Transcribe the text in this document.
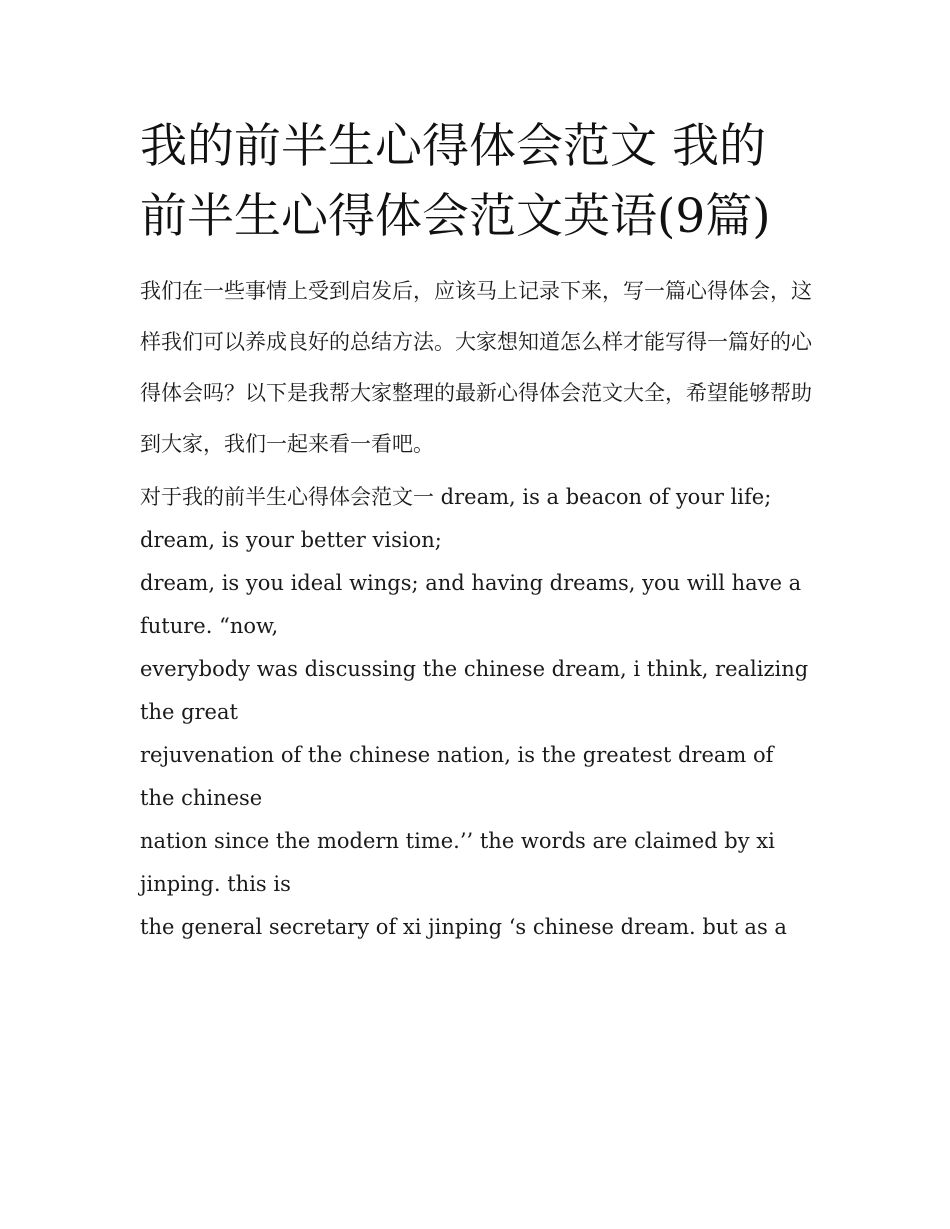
我的前半生心得体会范文 我的前半生心得体会范文英语(9篇)

我们在一些事情上受到启发后，应该马上记录下来，写一篇心得体会，这样我们可以养成良好的总结方法。大家想知道怎么样才能写得一篇好的心得体会吗？以下是我帮大家整理的最新心得体会范文大全，希望能够帮助到大家，我们一起来看一看吧。

对于我的前半生心得体会范文一 dream, is a beacon of your life; dream, is your better vision;
dream, is you ideal wings; and having dreams, you will have a future. “now,
everybody was discussing the chinese dream, i think, realizing the great
rejuvenation of the chinese nation, is the greatest dream of the chinese
nation since the modern time.’’ the words are claimed by xi jinping. this is
the general secretary of xi jinping ‘s chinese dream. but as a
